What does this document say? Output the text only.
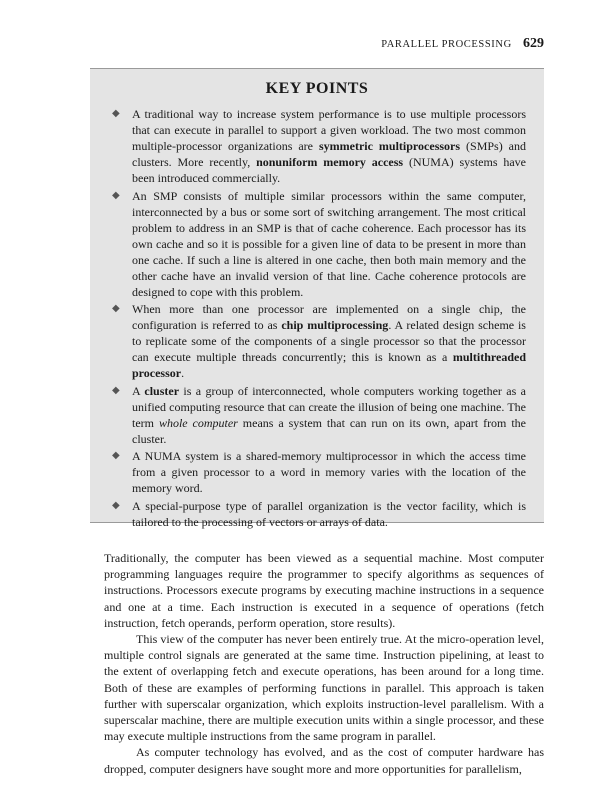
PARALLEL PROCESSING 629
KEY POINTS
◆	A traditional way to increase system performance is to use multiple processors that can execute in parallel to support a given workload. The two most common multiple-processor organizations are symmetric multiprocessors (SMPs) and clusters. More recently, nonuniform memory access (NUMA) systems have been introduced commercially.
◆	An SMP consists of multiple similar processors within the same computer, interconnected by a bus or some sort of switching arrangement. The most critical problem to address in an SMP is that of cache coherence. Each processor has its own cache and so it is possible for a given line of data to be present in more than one cache. If such a line is altered in one cache, then both main memory and the other cache have an invalid version of that line. Cache coherence protocols are designed to cope with this problem.
◆	When more than one processor are implemented on a single chip, the configuration is referred to as chip multiprocessing. A related design scheme is to replicate some of the components of a single processor so that the processor can execute multiple threads concurrently; this is known as a multithreaded processor.
◆	A cluster is a group of interconnected, whole computers working together as a unified computing resource that can create the illusion of being one machine. The term whole computer means a system that can run on its own, apart from the cluster.
◆	A NUMA system is a shared-memory multiprocessor in which the access time from a given processor to a word in memory varies with the location of the memory word.
◆	A special-purpose type of parallel organization is the vector facility, which is tailored to the processing of vectors or arrays of data.

Traditionally, the computer has been viewed as a sequential machine. Most computer programming languages require the programmer to specify algorithms as sequences of instructions. Processors execute programs by executing machine instructions in a sequence and one at a time. Each instruction is executed in a sequence of operations (fetch instruction, fetch operands, perform operation, store results).

This view of the computer has never been entirely true. At the micro-operation level, multiple control signals are generated at the same time. Instruction pipelining, at least to the extent of overlapping fetch and execute operations, has been around for a long time. Both of these are examples of performing functions in parallel. This approach is taken further with superscalar organization, which exploits instruction-level parallelism. With a superscalar machine, there are multiple execution units within a single processor, and these may execute multiple instructions from the same program in parallel.

As computer technology has evolved, and as the cost of computer hardware has dropped, computer designers have sought more and more opportunities for parallelism,
